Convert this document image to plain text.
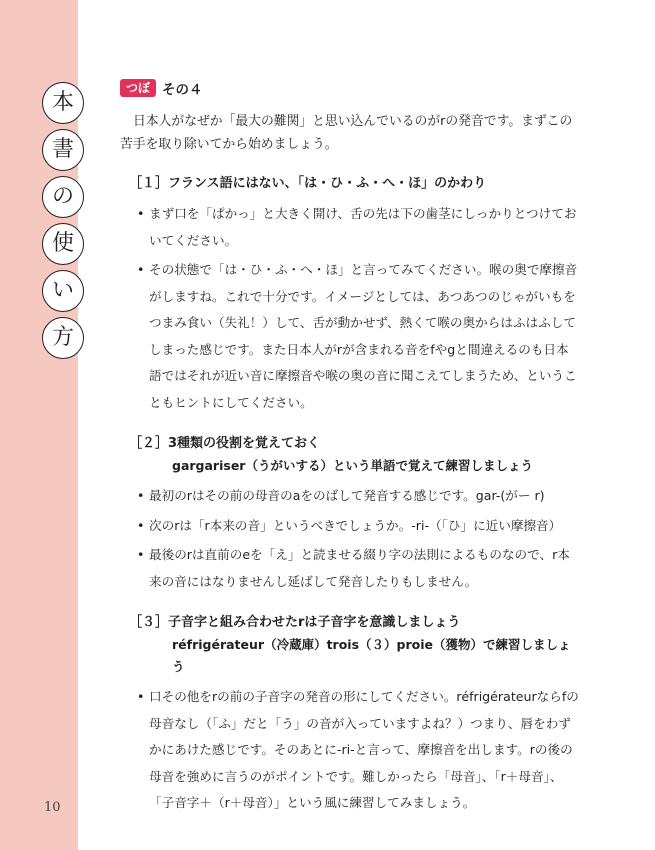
本
書
の
使
い
方
10
つぼ その４

日本人がなぜか「最大の難関」と思い込んでいるのがrの発音です。まずこの苦手を取り除いてから始めましょう。

［１］フランス語にはない、「は・ひ・ふ・へ・ほ」のかわり
• まず口を「ぱかっ」と大きく開け、舌の先は下の歯茎にしっかりとつけておいてください。
• その状態で「は・ひ・ふ・へ・ほ」と言ってみてください。喉の奥で摩擦音がしますね。これで十分です。イメージとしては、あつあつのじゃがいもをつまみ食い（失礼！）して、舌が動かせず、熱くて喉の奥からはふはふしてしまった感じです。また日本人がrが含まれる音をfやgと間違えるのも日本語ではそれが近い音に摩擦音や喉の奥の音に聞こえてしまうため、ということもヒントにしてください。
［２］3種類の役割を覚えておく
gargariser（うがいする）という単語で覚えて練習しましょう
• 最初のrはその前の母音のaをのばして発音する感じです。gar-(がー r)
• 次のrは「r本来の音」というべきでしょうか。-ri-（「ひ」に近い摩擦音）
• 最後のrは直前のeを「え」と読ませる綴り字の法則によるものなので、r本来の音にはなりませんし延ばして発音したりもしません。
［３］子音字と組み合わせたrは子音字を意識しましょう
réfrigérateur（冷蔵庫）trois（３）proie（獲物）で練習しましょう
• 口その他をrの前の子音字の発音の形にしてください。réfrigérateurならfの母音なし（「ふ」だと「う」の音が入っていますよね？）つまり、唇をわずかにあけた感じです。そのあとに-ri-と言って、摩擦音を出します。rの後の母音を強めに言うのがポイントです。難しかったら「母音」、「r＋母音」、「子音字＋（r＋母音）」という風に練習してみましょう。
